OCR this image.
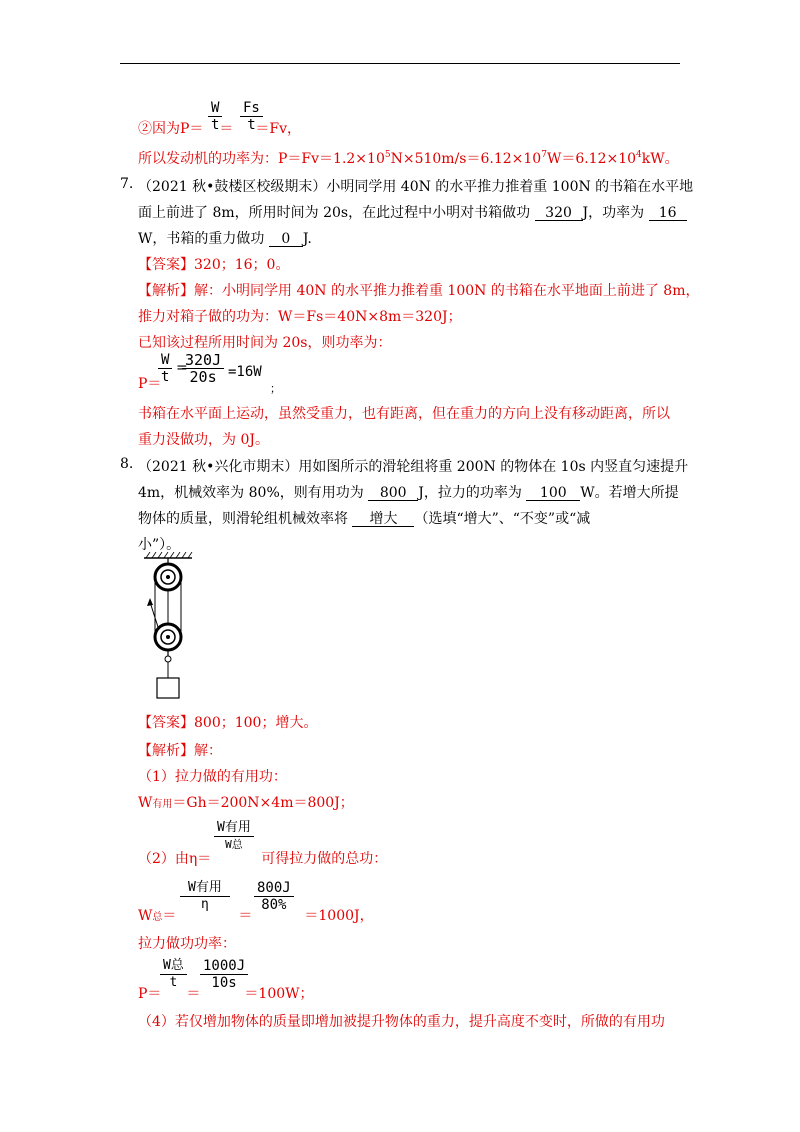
$\frac{W}{t} \frac{Fs}{t}$
②因为P＝ ＝ ＝Fv，
所以发动机的功率为：$P=Fv=1.2\times 10^5N\times 510m/s=6.12\times 10^7W=6.12\times 10^4kW$。
7. （2021 秋•鼓楼区校级期末）小明同学用 40N 的水平推力推着重 100N 的书箱在水平地
面上前进了 8m，所用时间为 20s，在此过程中小明对书箱做功 320 J，功率为 16
W，书箱的重力做功 0 J.
【答案】320；16；0。
【解析】解：小明同学用 40N 的水平推力推着重 100N 的书箱在水平地面上前进了 8m，
推力对箱子做的功为：W＝Fs＝40N×8m＝320J；
已知该过程所用时间为 20s，则功率为：
$\frac{W}{t} \frac{320J}{20s}$
P＝
=	=16W
；
书箱在水平面上运动，虽然受重力，也有距离，但在重力的方向上没有移动距离，所以
重力没做功，为 0J。
8. （2021 秋•兴化市期末）用如图所示的滑轮组将重 200N 的物体在 10s 内竖直匀速提升
4m，机械效率为 80%，则有用功为 800 J，拉力的功率为 100 W。若增大所提
物体的质量，则滑轮组机械效率将 增大 （选填“增大”、“不变”或“减
小”）。
【答案】800；100；增大。
【解析】解：
（1）拉力做的有用功：
W有用＝Gh＝200N×4m＝800J；
W有用
W总
（2）由η＝	可得拉力做的总功：
W有用
η	$\frac{800J}{80\%}$
W总＝	＝	＝1000J，
拉力做功功率：
W总
t	$\frac{1000J}{10s}$
P＝ ＝	＝100W；
（4）若仅增加物体的质量即增加被提升物体的重力，提升高度不变时，所做的有用功
